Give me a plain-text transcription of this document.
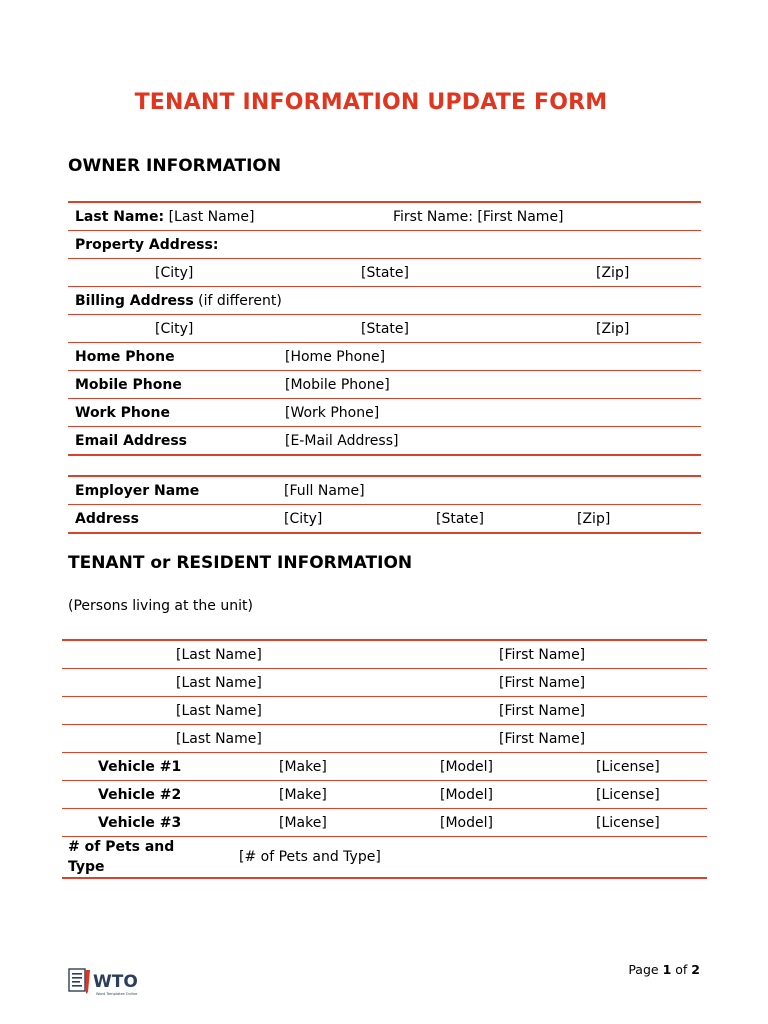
TENANT INFORMATION UPDATE FORM
OWNER INFORMATION
Last Name: [Last Name]		First Name: [First Name]	
Property Address:			
[City]	[State]		[Zip]
Billing Address (if different)			
[City]	[State]		[Zip]
Home Phone	[Home Phone]		
Mobile Phone	[Mobile Phone]		
Work Phone	[Work Phone]		
Email Address	[E-Mail Address]		
Employer Name	[Full Name]		
Address	[City]	[State]	[Zip]
TENANT or RESIDENT INFORMATION
(Persons living at the unit)
[Last Name]		[First Name]	
[Last Name]		[First Name]	
[Last Name]		[First Name]	
[Last Name]		[First Name]	
Vehicle #1	[Make]	[Model]	[License]
Vehicle #2	[Make]	[Model]	[License]
Vehicle #3	[Make]	[Model]	[License]
# of Pets and
Type	[# of Pets and Type]		
WTO
Word Templates Online
Page 1 of 2
